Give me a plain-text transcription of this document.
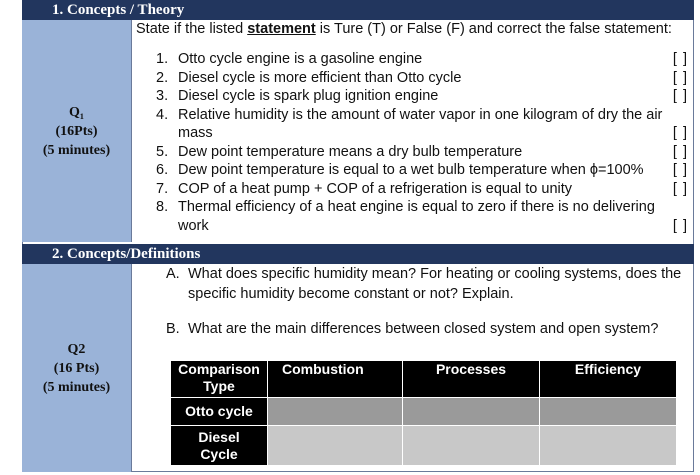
1. Concepts / Theory
Q₁
(16Pts)
(5 minutes)
State if the listed statement is Ture (T) or False (F) and correct the false statement:
1. Otto cycle engine is a gasoline engine	[ ]
2. Diesel cycle is more efficient than Otto cycle	[ ]
3. Diesel cycle is spark plug ignition engine	[ ]
4. Relative humidity is the amount of water vapor in one kilogram of dry the air mass	[ ]
5. Dew point temperature means a dry bulb temperature	[ ]
6. Dew point temperature is equal to a wet bulb temperature when ϕ=100% [ ]
7. COP of a heat pump + COP of a refrigeration is equal to unity	[ ]
8. Thermal efficiency of a heat engine is equal to zero if there is no delivering work	[ ]
2. Concepts/Definitions
Q2
(16 Pts)
(5 minutes)
A. What does specific humidity mean? For heating or cooling systems, does the specific humidity become constant or not? Explain.
B. What are the main differences between closed system and open system?
Comparison Type	Combustion	Processes	Efficiency
Otto cycle			
Diesel Cycle			
